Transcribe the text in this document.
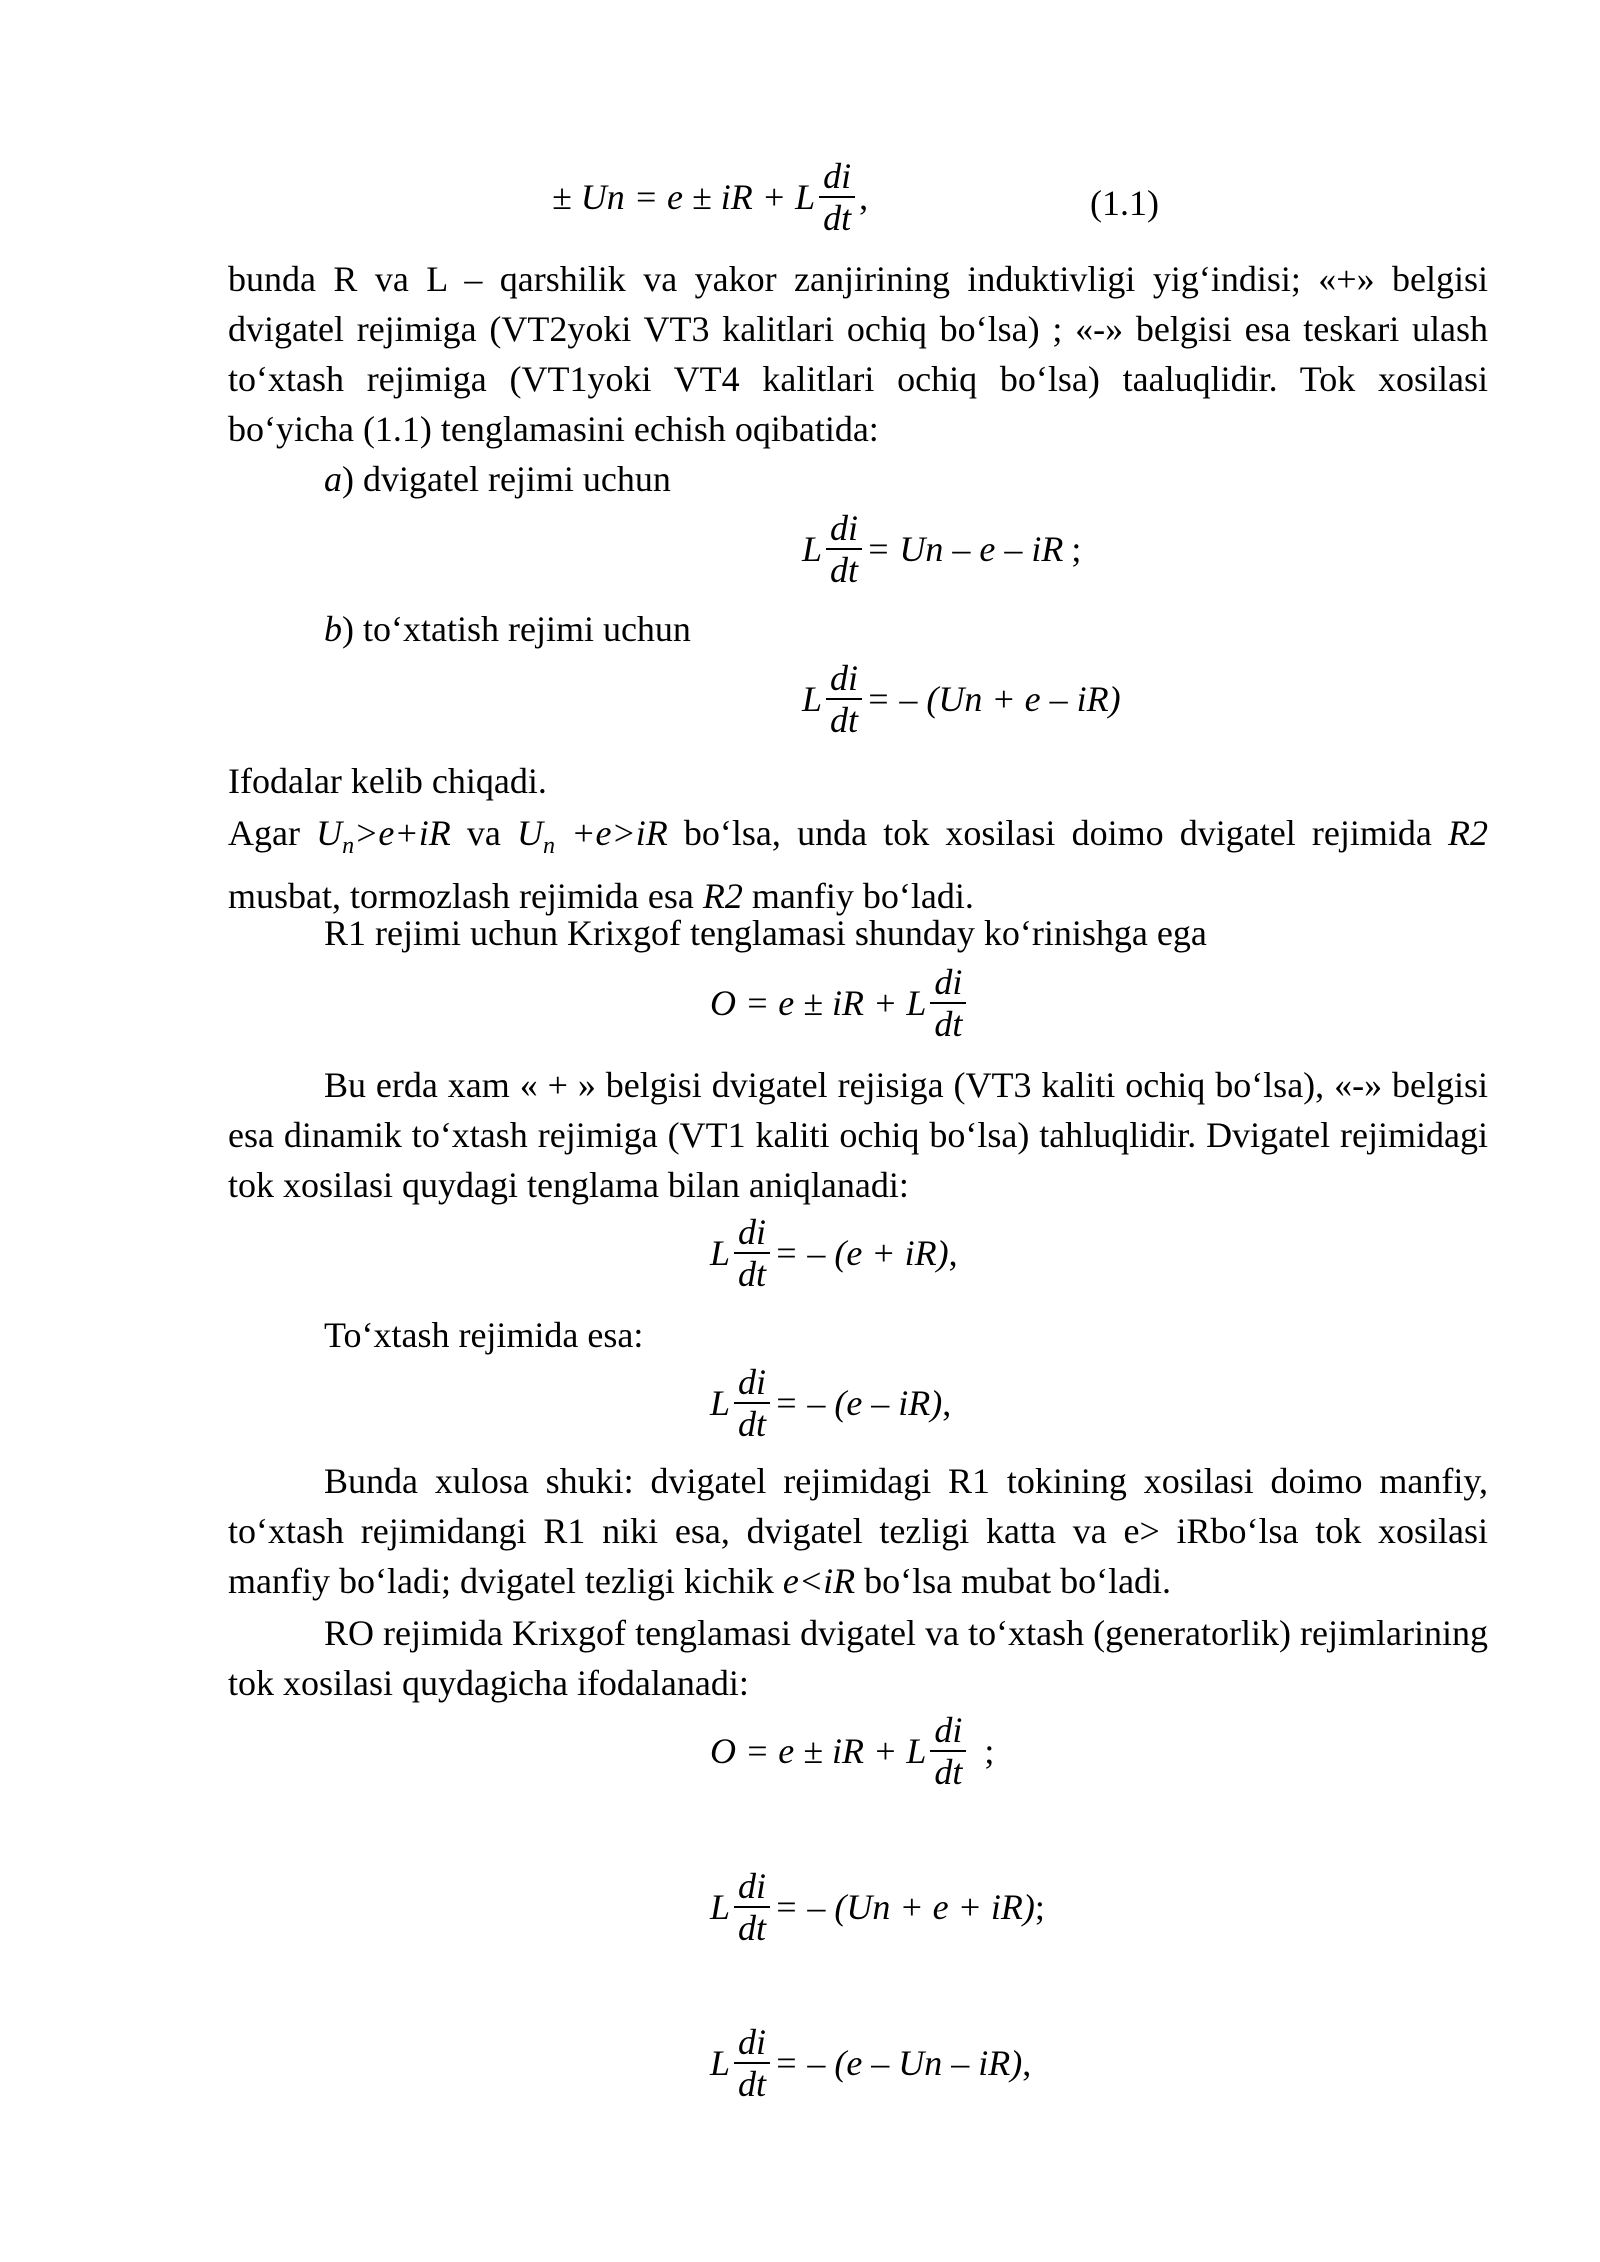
± Un = e ± iR + L $\frac{di}{dt}$ ,	(1.1)

bunda R va L – qarshilik va yakor zanjirining induktivligi yig‘indisi; «+» belgisi dvigatel rejimiga (VT2yoki VT3 kalitlari ochiq bo‘lsa) ; «-» belgisi esa teskari ulash to‘xtash rejimiga (VT1yoki VT4 kalitlari ochiq bo‘lsa) taaluqlidir. Tok xosilasi bo‘yicha (1.1) tenglamasini echish oqibatida:

a) dvigatel rejimi uchun

L $\frac{di}{dt} = Un - e$ – iR ;

b) to‘xtatish rejimi uchun

L $\frac{di}{dt}$ = – (Un + e – iR)

Ifodalar kelib chiqadi.

Agar $U_n>e+iR$ va $U_n +e>iR$ bo‘lsa, unda tok xosilasi doimo dvigatel rejimida R2 musbat, tormozlash rejimida esa R2 manfiy bo‘ladi.

R1 rejimi uchun Krixgof tenglamasi shunday ko‘rinishga ega

O = e ± iR + L $\frac{di}{dt}$

Bu erda xam « + » belgisi dvigatel rejisiga (VT3 kaliti ochiq bo‘lsa), «-» belgisi esa dinamik to‘xtash rejimiga (VT1 kaliti ochiq bo‘lsa) tahluqlidir. Dvigatel rejimidagi tok xosilasi quydagi tenglama bilan aniqlanadi:

L $\frac{di}{dt}$ = – (e + iR) ,

To‘xtash rejimida esa:

L $\frac{di}{dt}$ = – (e – iR) ,

Bunda xulosa shuki: dvigatel rejimidagi R1 tokining xosilasi doimo manfiy, to‘xtash rejimidangi R1 niki esa, dvigatel tezligi katta va e> iRbo‘lsa tok xosilasi manfiy bo‘ladi; dvigatel tezligi kichik e<iR bo‘lsa mubat bo‘ladi.

RO rejimida Krixgof tenglamasi dvigatel va to‘xtash (generatorlik) rejimlarining tok xosilasi quydagicha ifodalanadi:

O = e ± iR + L $\frac{di}{dt}$ ;
L $\frac{di}{dt}$ = – (Un + e + iR) ;
L $\frac{di}{dt}$ = – (e – Un – iR) ,
